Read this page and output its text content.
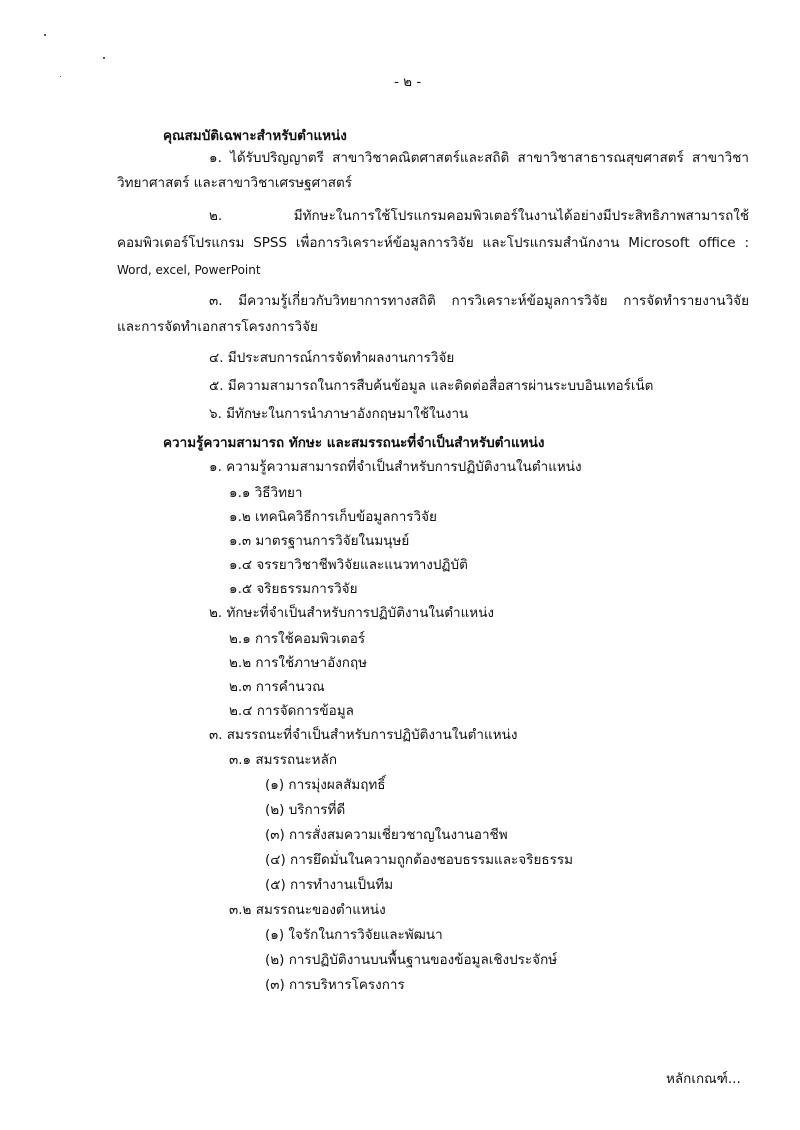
- ๒ -
คุณสมบัติเฉพาะสำหรับตำแหน่ง
๑. ได้รับปริญญาตรี สาขาวิชาคณิตศาสตร์และสถิติ สาขาวิชาสาธารณสุขศาสตร์ สาขาวิชา
วิทยาศาสตร์ และสาขาวิชาเศรษฐศาสตร์
๒. มีทักษะในการใช้โปรแกรมคอมพิวเตอร์ในงานได้อย่างมีประสิทธิภาพสามารถใช้
คอมพิวเตอร์โปรแกรม SPSS เพื่อการวิเคราะห์ข้อมูลการวิจัย และโปรแกรมสำนักงาน Microsoft office :
Word, excel, PowerPoint
๓. มีความรู้เกี่ยวกับวิทยาการทางสถิติ การวิเคราะห์ข้อมูลการวิจัย การจัดทำรายงานวิจัย
และการจัดทำเอกสารโครงการวิจัย
๔. มีประสบการณ์การจัดทำผลงานการวิจัย
๕. มีความสามารถในการสืบค้นข้อมูล และติดต่อสื่อสารผ่านระบบอินเทอร์เน็ต
๖. มีทักษะในการนำภาษาอังกฤษมาใช้ในงาน
ความรู้ความสามารถ ทักษะ และสมรรถนะที่จำเป็นสำหรับตำแหน่ง
๑. ความรู้ความสามารถที่จำเป็นสำหรับการปฏิบัติงานในตำแหน่ง
๑.๑ วิธีวิทยา
๑.๒ เทคนิควิธีการเก็บข้อมูลการวิจัย
๑.๓ มาตรฐานการวิจัยในมนุษย์
๑.๔ จรรยาวิชาชีพวิจัยและแนวทางปฏิบัติ
๑.๕ จริยธรรมการวิจัย
๒. ทักษะที่จำเป็นสำหรับการปฏิบัติงานในตำแหน่ง
๒.๑ การใช้คอมพิวเตอร์
๒.๒ การใช้ภาษาอังกฤษ
๒.๓ การคำนวณ
๒.๔ การจัดการข้อมูล
๓. สมรรถนะที่จำเป็นสำหรับการปฏิบัติงานในตำแหน่ง
๓.๑ สมรรถนะหลัก
(๑) การมุ่งผลสัมฤทธิ์
(๒) บริการที่ดี
(๓) การสั่งสมความเชี่ยวชาญในงานอาชีพ
(๔) การยึดมั่นในความถูกต้องชอบธรรมและจริยธรรม
(๕) การทำงานเป็นทีม
๓.๒ สมรรถนะของตำแหน่ง
(๑) ใจรักในการวิจัยและพัฒนา
(๒) การปฏิบัติงานบนพื้นฐานของข้อมูลเชิงประจักษ์
(๓) การบริหารโครงการ
หลักเกณฑ์...
